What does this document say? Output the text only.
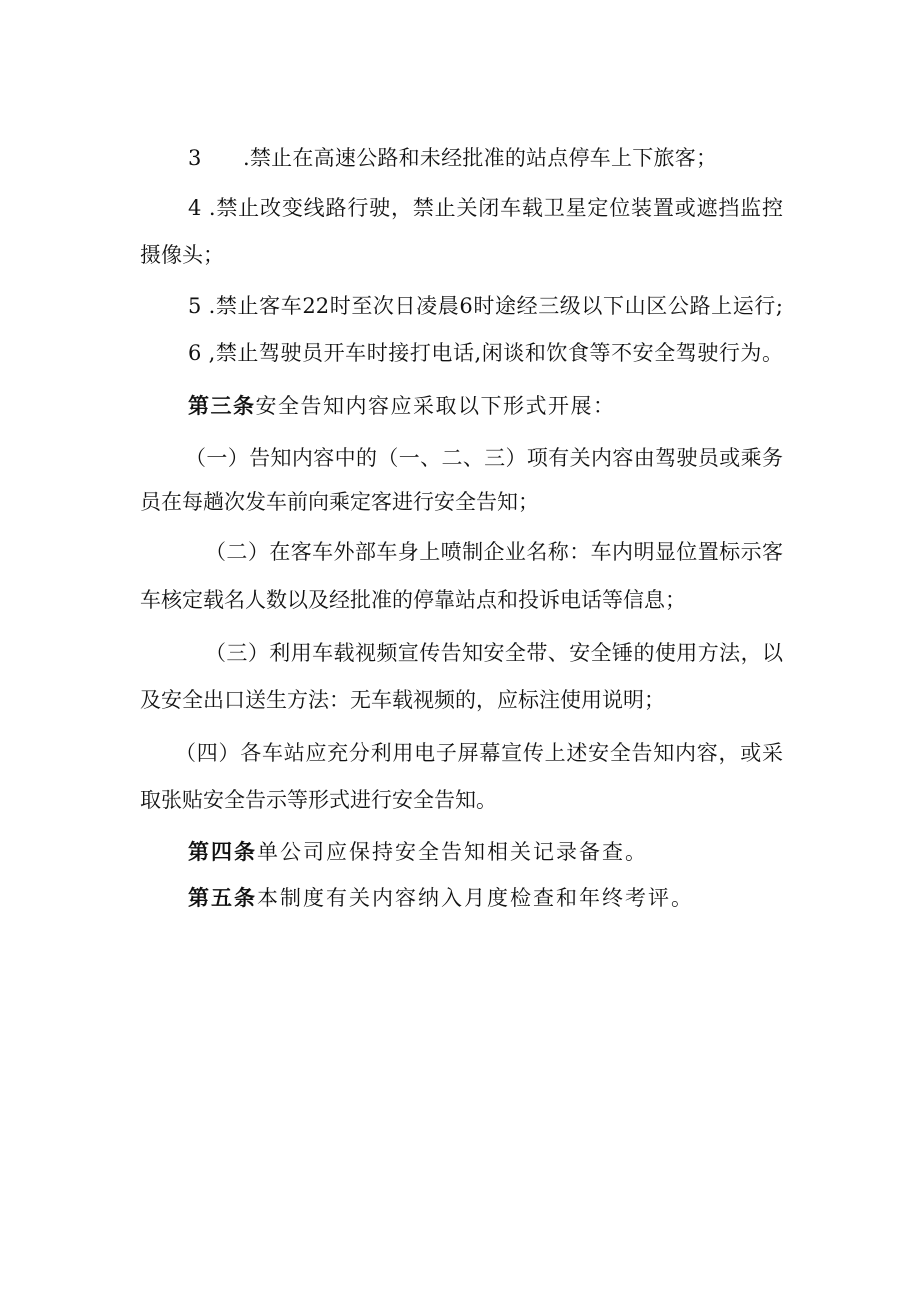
3	.禁止在高速公路和未经批准的站点停车上下旅客；
4 .禁止改变线路行驶，禁止关闭车载卫星定位装置或遮挡监控
摄像头；
5 .禁止客车22时至次日凌晨6时途经三级以下山区公路上运行;
6 ,禁止驾驶员开车时接打电话,闲谈和饮食等不安全驾驶行为。
第三条安全告知内容应采取以下形式开展：
（一）告知内容中的（一、二、三）项有关内容由驾驶员或乘务
员在每趟次发车前向乘定客进行安全告知；
（二）在客车外部车身上喷制企业名称：车内明显位置标示客
车核定载名人数以及经批准的停靠站点和投诉电话等信息；
（三）利用车载视频宣传告知安全带、安全锤的使用方法，以
及安全出口送生方法：无车载视频的，应标注使用说明；
（四）各车站应充分利用电子屏幕宣传上述安全告知内容，或采
取张贴安全告示等形式进行安全告知。
第四条单公司应保持安全告知相关记录备查。
第五条本制度有关内容纳入月度检查和年终考评。
